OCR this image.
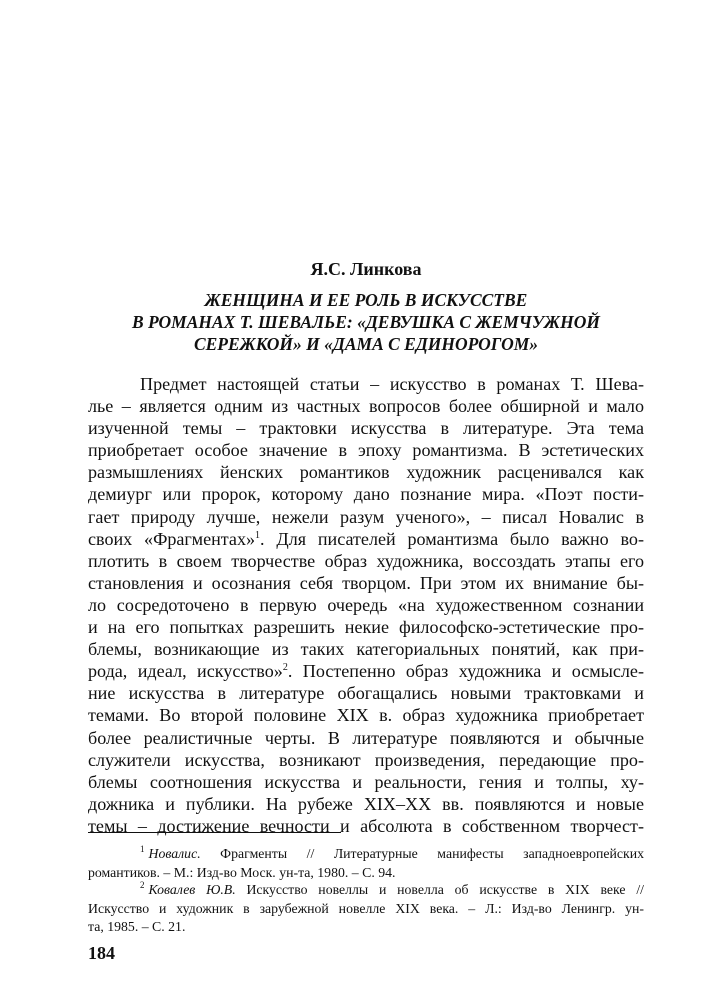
Я.С. Линкова
ЖЕНЩИНА И ЕЕ РОЛЬ В ИСКУССТВЕ
В РОМАНАХ Т. ШЕВАЛЬЕ: «ДЕВУШКА С ЖЕМЧУЖНОЙ
СЕРЕЖКОЙ» И «ДАМА С ЕДИНОРОГОМ»
Предмет настоящей статьи – искусство в романах Т. Шева-
лье – является одним из частных вопросов более обширной и мало
изученной темы – трактовки искусства в литературе. Эта тема
приобретает особое значение в эпоху романтизма. В эстетических
размышлениях йенских романтиков художник расценивался как
демиург или пророк, которому дано познание мира. «Поэт пости-
гает природу лучше, нежели разум ученого», – писал Новалис в
своих «Фрагментах»$^1$. Для писателей романтизма было важно во-
плотить в своем творчестве образ художника, воссоздать этапы его
становления и осознания себя творцом. При этом их внимание бы-
ло сосредоточено в первую очередь «на художественном сознании
и на его попытках разрешить некие философско-эстетические про-
блемы, возникающие из таких категориальных понятий, как при-
рода, идеал, искусство»$^2$. Постепенно образ художника и осмысле-
ние искусства в литературе обогащались новыми трактовками и
темами. Во второй половине XIX в. образ художника приобретает
более реалистичные черты. В литературе появляются и обычные
служители искусства, возникают произведения, передающие про-
блемы соотношения искусства и реальности, гения и толпы, ху-
дожника и публики. На рубеже XIX–XX вв. появляются и новые
темы – достижение вечности и абсолюта в собственном творчест-
$^1$ Новалис. Фрагменты // Литературные манифесты западноевропейских
романтиков. – М.: Изд-во Моск. ун-та, 1980. – С. 94.
$^2$ Ковалев Ю.В. Искусство новеллы и новелла об искусстве в XIX веке //
Искусство и художник в зарубежной новелле XIX века. – Л.: Изд-во Ленингр. ун-
та, 1985. – С. 21.
184
